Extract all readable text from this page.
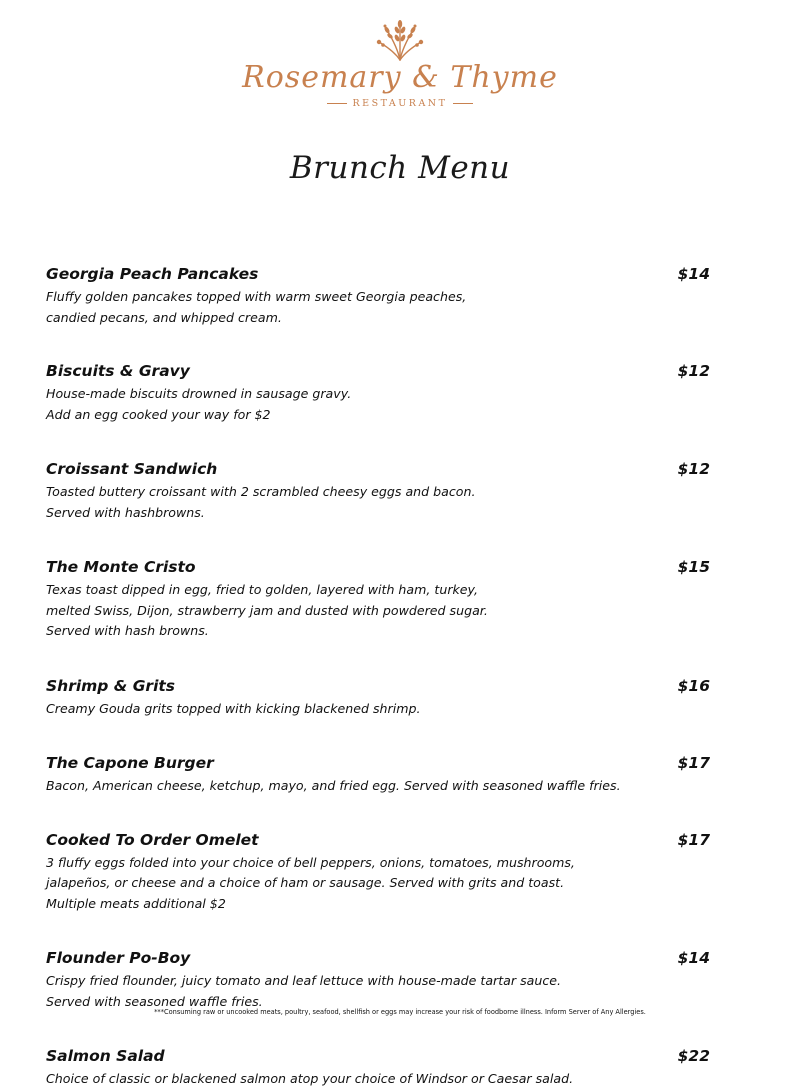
Rosemary & Thyme
RESTAURANT
Brunch Menu
Georgia Peach Pancakes	$14
Fluffy golden pancakes topped with warm sweet Georgia peaches,
candied pecans, and whipped cream.
Biscuits & Gravy	$12
House-made biscuits drowned in sausage gravy.
Add an egg cooked your way for $2
Croissant Sandwich	$12
Toasted buttery croissant with 2 scrambled cheesy eggs and bacon.
Served with hashbrowns.
The Monte Cristo	$15
Texas toast dipped in egg, fried to golden, layered with ham, turkey,
melted Swiss, Dijon, strawberry jam and dusted with powdered sugar.
Served with hash browns.
Shrimp & Grits	$16
Creamy Gouda grits topped with kicking blackened shrimp.
The Capone Burger	$17
Bacon, American cheese, ketchup, mayo, and fried egg. Served with seasoned waffle fries.
Cooked To Order Omelet	$17
3 fluffy eggs folded into your choice of bell peppers, onions, tomatoes, mushrooms,
jalapeños, or cheese and a choice of ham or sausage. Served with grits and toast.
Multiple meats additional $2
Flounder Po-Boy	$14
Crispy fried flounder, juicy tomato and leaf lettuce with house-made tartar sauce.
Served with seasoned waffle fries.
Salmon Salad	$22
Choice of classic or blackened salmon atop your choice of Windsor or Caesar salad.
***Consuming raw or uncooked meats, poultry, seafood, shellfish or eggs may increase your risk of foodborne illness. Inform Server of Any Allergies.
